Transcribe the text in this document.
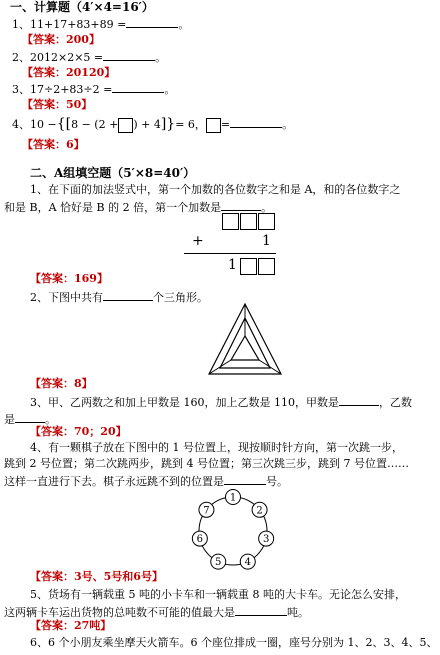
一、计算题（4′×4=16′）
1、11+17+83+89 =	。
【答案：200】
2、2012×2×5 =	。
【答案：20120】
3、17÷2+83÷2 =	。
【答案：50】
4、10 −{[8 − (2 + ) + 4]}= 6， =	。
【答案：6】
二、A组填空题（5′×8=40′）
1、在下面的加法竖式中，第一个加数的各位数字之和是 A，和的各位数字之
和是 B，A 恰好是 B 的 2 倍，第一个加数是	。
+	1
1
【答案：169】
2、下图中共有	个三角形。
【答案：8】
3、甲、乙两数之和加上甲数是 160，加上乙数是 110，甲数是	，乙数
是	。
【答案：70；20】
4、有一颗棋子放在下图中的 1 号位置上，现按顺时针方向，第一次跳一步，
跳到 2 号位置；第二次跳两步，跳到 4 号位置；第三次跳三步，跳到 7 号位置……
这样一直进行下去。棋子永远跳不到的位置是	号。
1
2
3
4
5
6
7
【答案：3号、5号和6号】
5、货场有一辆载重 5 吨的小卡车和一辆载重 8 吨的大卡车。无论怎么安排，
这两辆卡车运出货物的总吨数不可能的值最大是	吨。
【答案：27吨】
6、6 个小朋友乘坐摩天火箭车。6 个座位排成一圈，座号分别为 1、2、3、4、5、
